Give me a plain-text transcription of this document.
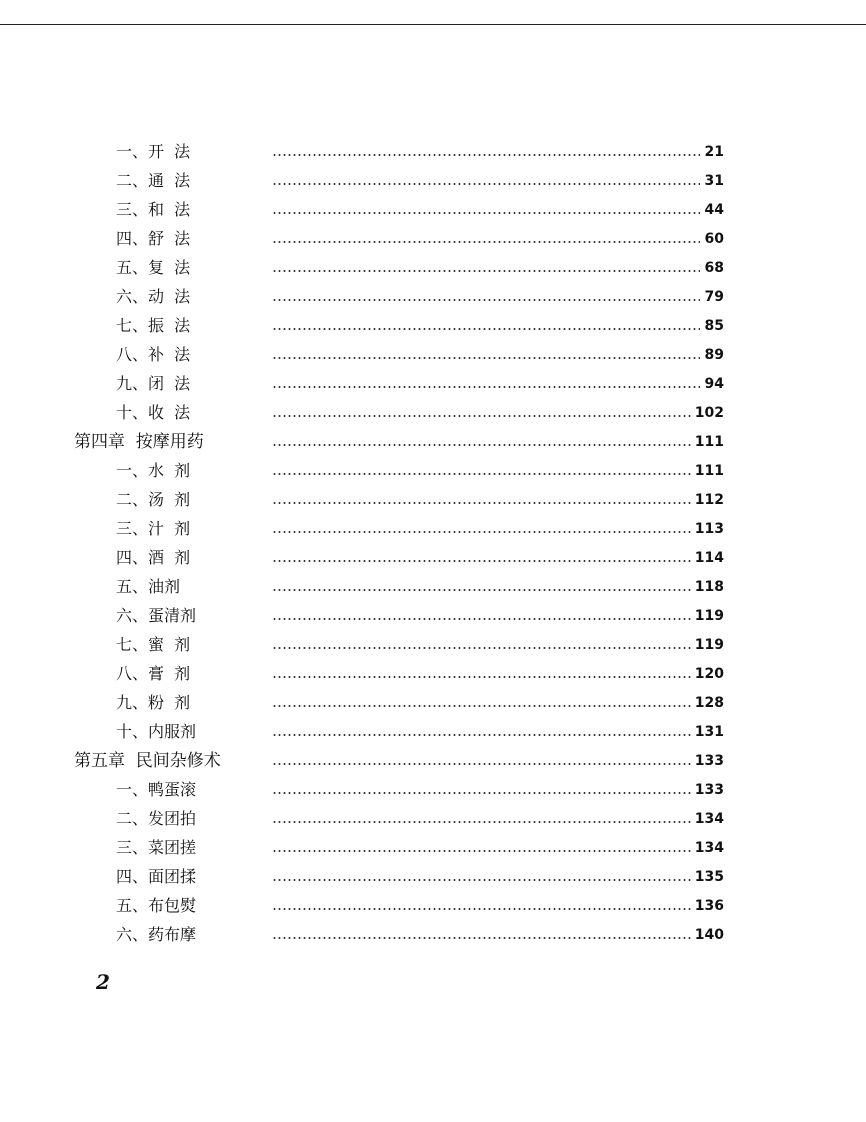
一、开  法	21
二、通  法	31
三、和  法	44
四、舒  法	60
五、复  法	68
六、动  法	79
七、振  法	85
八、补  法	89
九、闭  法	94
十、收  法	102
第四章  按摩用药	111
一、水  剂	111
二、汤  剂	112
三、汁  剂	113
四、酒  剂	114
五、油剂	118
六、蛋清剂	119
七、蜜  剂	119
八、膏  剂	120
九、粉  剂	128
十、内服剂	131
第五章  民间杂修术	133
一、鸭蛋滚	133
二、发团拍	134
三、菜团搓	134
四、面团揉	135
五、布包熨	136
六、药布摩	140
2
